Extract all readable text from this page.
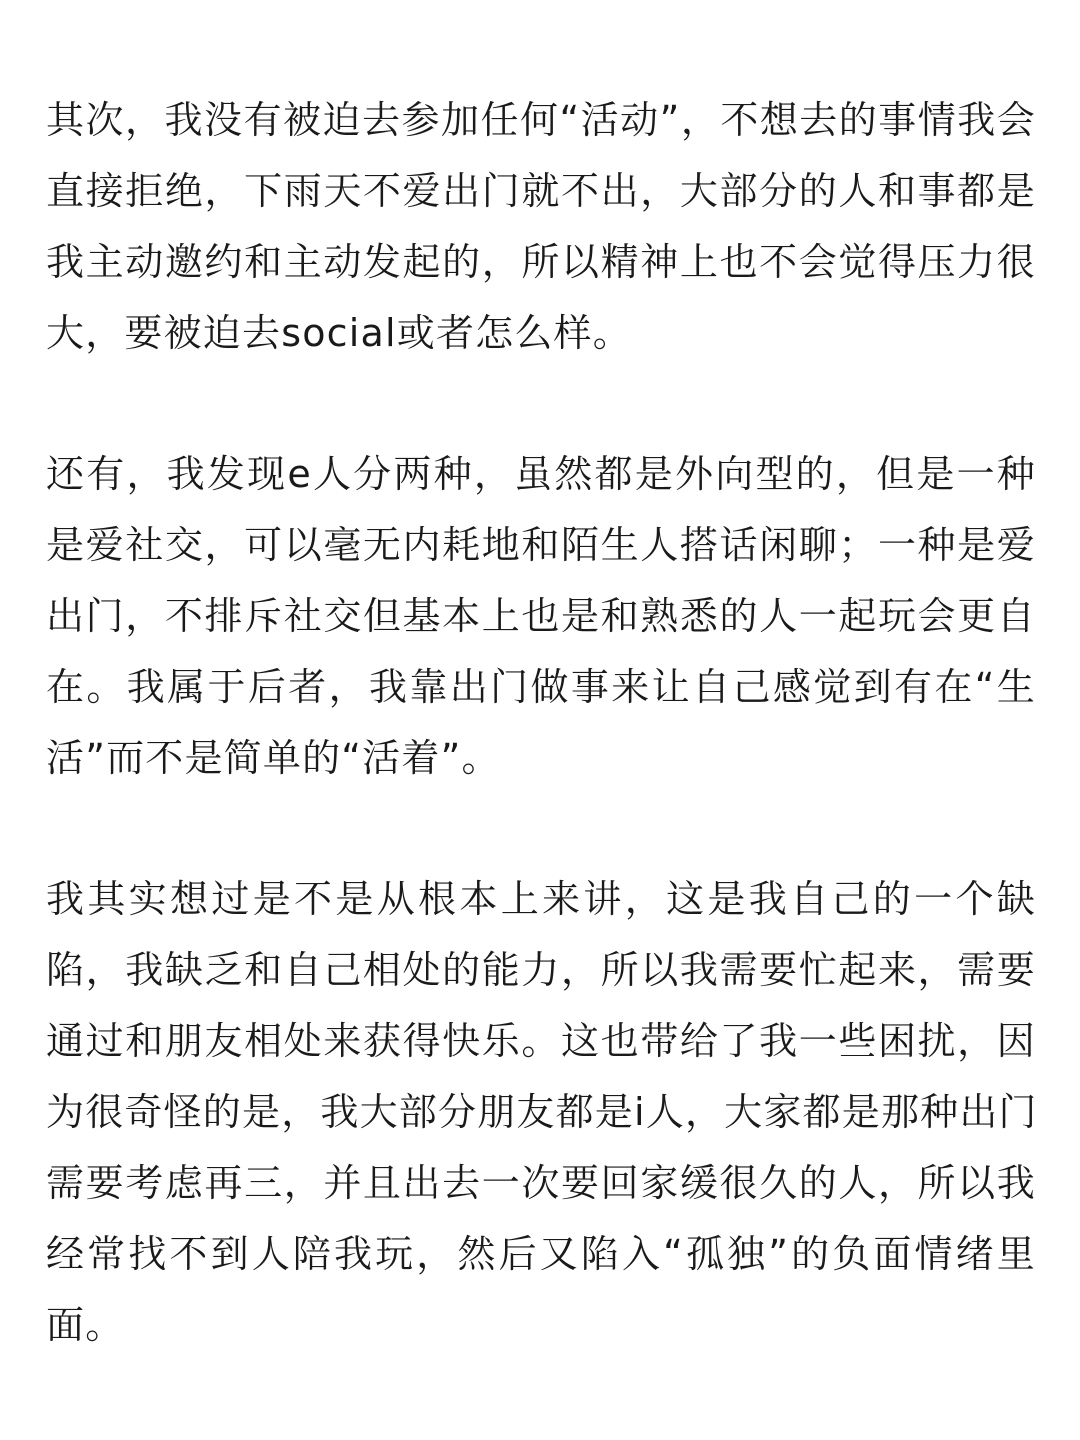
其次，我没有被迫去参加任何“活动”，不想去的事情我会
直接拒绝，下雨天不爱出门就不出，大部分的人和事都是
我主动邀约和主动发起的，所以精神上也不会觉得压力很
大，要被迫去social或者怎么样。
还有，我发现e人分两种，虽然都是外向型的，但是一种
是爱社交，可以毫无内耗地和陌生人搭话闲聊；一种是爱
出门，不排斥社交但基本上也是和熟悉的人一起玩会更自
在。我属于后者，我靠出门做事来让自己感觉到有在“生
活”而不是简单的“活着”。
我其实想过是不是从根本上来讲，这是我自己的一个缺
陷，我缺乏和自己相处的能力，所以我需要忙起来，需要
通过和朋友相处来获得快乐。这也带给了我一些困扰，因
为很奇怪的是，我大部分朋友都是i人，大家都是那种出门
需要考虑再三，并且出去一次要回家缓很久的人，所以我
经常找不到人陪我玩，然后又陷入“孤独”的负面情绪里
面。
